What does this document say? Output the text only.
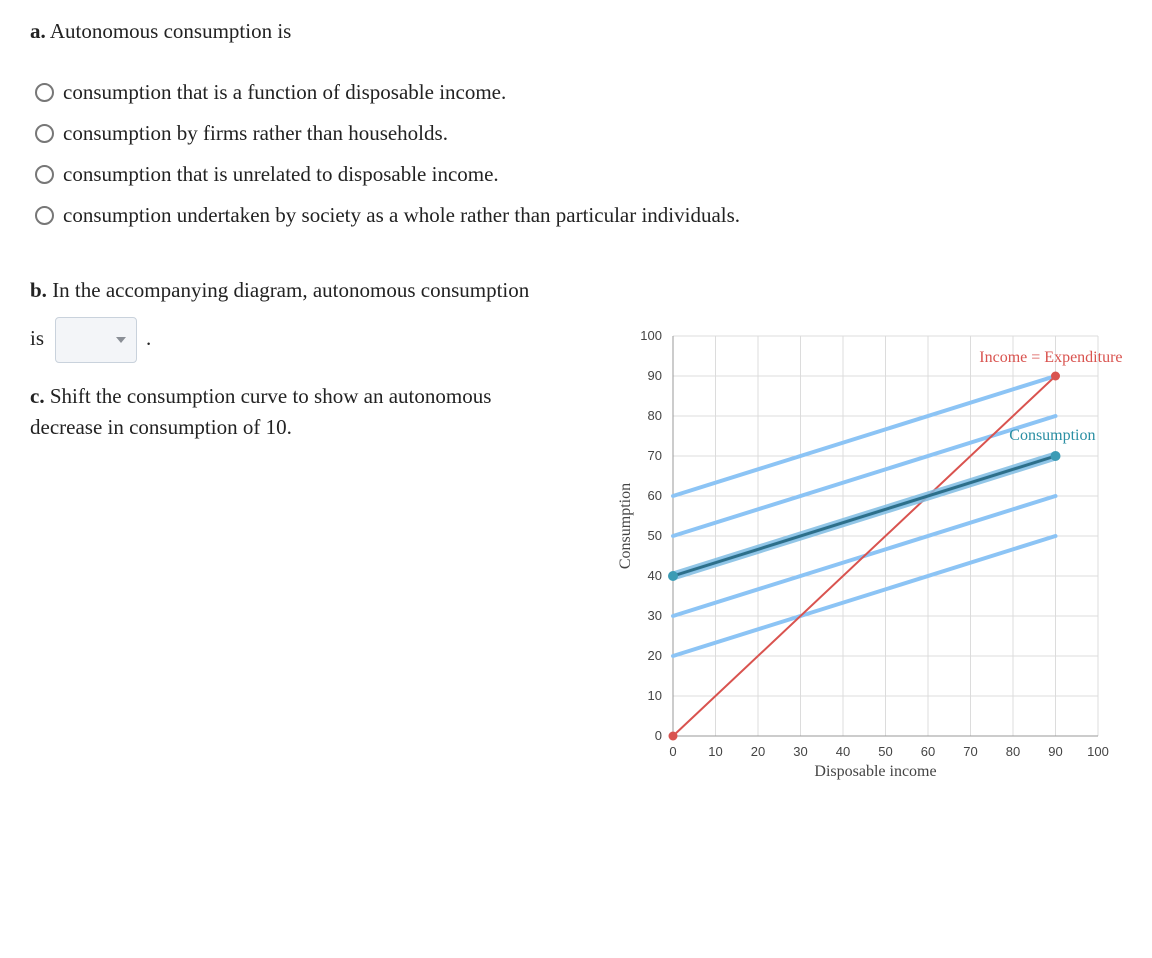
a. Autonomous consumption is
consumption that is a function of disposable income.
consumption by firms rather than households.
consumption that is unrelated to disposable income.
consumption undertaken by society as a whole rather than particular individuals.
b. In the accompanying diagram, autonomous consumption
is	.
c. Shift the consumption curve to show an autonomous decrease in consumption of 10.
0 10 20 30 40 50 60 70 80 90 100
0
10
20
30
40
50
60
70
80
90
100
Disposable income
Consumption
Income = Expenditure
Consumption
